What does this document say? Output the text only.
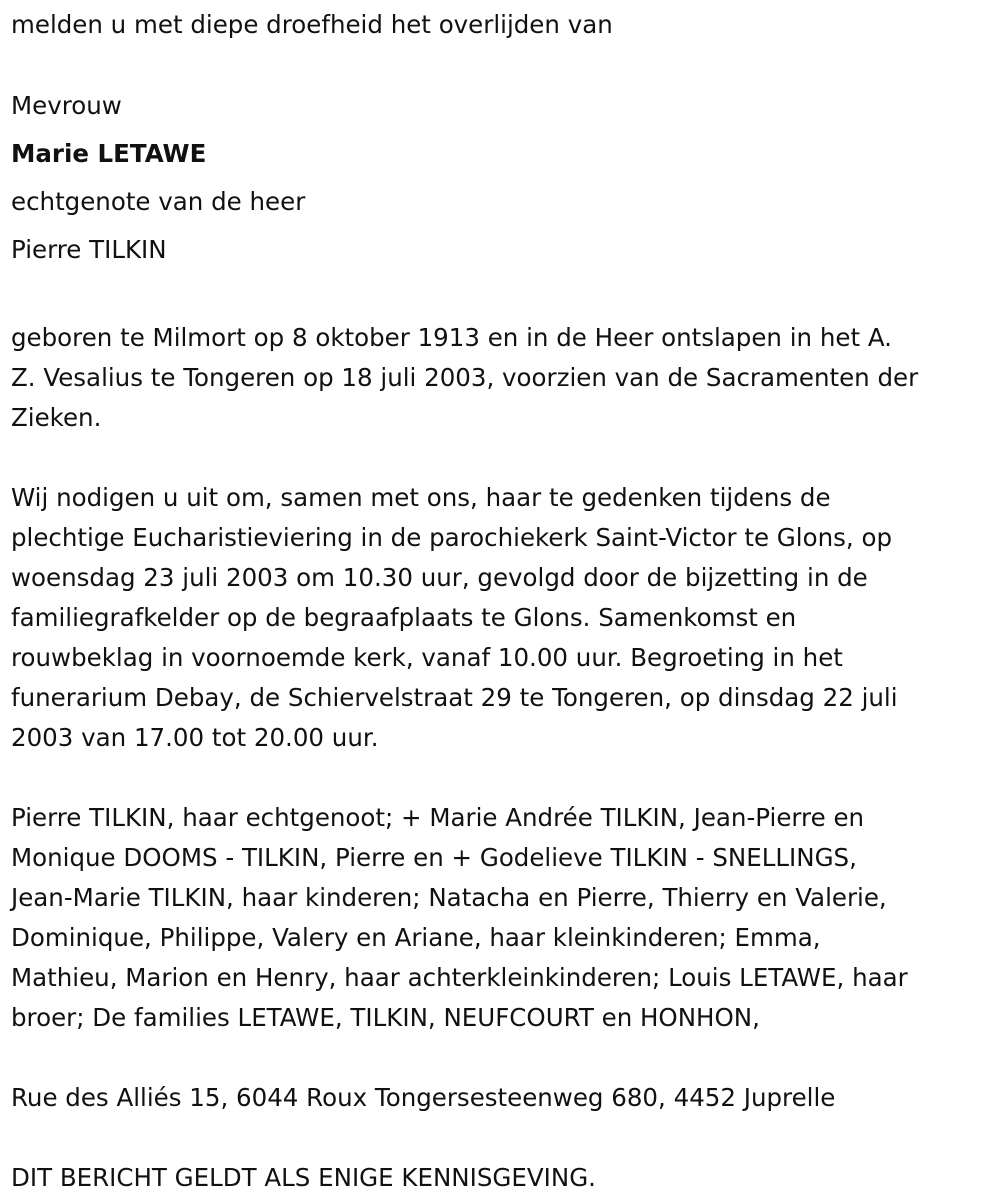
melden u met diepe droefheid het overlijden van

Mevrouw

Marie LETAWE

echtgenote van de heer

Pierre TILKIN

geboren te Milmort op 8 oktober 1913 en in de Heer ontslapen in het A.

Z. Vesalius te Tongeren op 18 juli 2003, voorzien van de Sacramenten der

Zieken.

Wij nodigen u uit om, samen met ons, haar te gedenken tijdens de

plechtige Eucharistieviering in de parochiekerk Saint-Victor te Glons, op

woensdag 23 juli 2003 om 10.30 uur, gevolgd door de bijzetting in de

familiegrafkelder op de begraafplaats te Glons. Samenkomst en

rouwbeklag in voornoemde kerk, vanaf 10.00 uur. Begroeting in het

funerarium Debay, de Schiervelstraat 29 te Tongeren, op dinsdag 22 juli

2003 van 17.00 tot 20.00 uur.

Pierre TILKIN, haar echtgenoot; + Marie Andrée TILKIN, Jean-Pierre en

Monique DOOMS - TILKIN, Pierre en + Godelieve TILKIN - SNELLINGS,

Jean-Marie TILKIN, haar kinderen; Natacha en Pierre, Thierry en Valerie,

Dominique, Philippe, Valery en Ariane, haar kleinkinderen; Emma,

Mathieu, Marion en Henry, haar achterkleinkinderen; Louis LETAWE, haar

broer; De families LETAWE, TILKIN, NEUFCOURT en HONHON,

Rue des Alliés 15, 6044 Roux Tongersesteenweg 680, 4452 Juprelle

DIT BERICHT GELDT ALS ENIGE KENNISGEVING.
